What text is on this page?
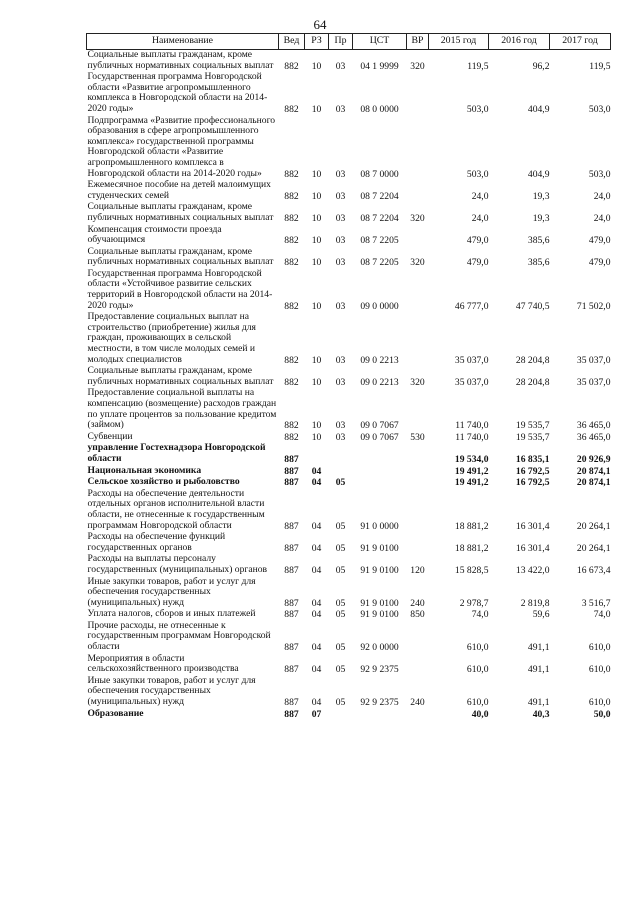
64
Наименование	Вед	РЗ	Пр	ЦСТ	ВР	2015 год	2016 год	2017 год
Социальные выплаты гражданам, кроме публичных нормативных социальных выплат	882	10	03	04 1 9999	320	119,5	96,2	119,5
Государственная программа Новгородской области «Развитие агропромышленного комплекса в Новгородской области на 2014-2020 годы»	882	10	03	08 0 0000		503,0	404,9	503,0
Подпрограмма «Развитие профессионального образования в сфере агропромышленного комплекса» государственной программы Новгородской области «Развитие агропромышленного комплекса в Новгородской области на 2014-2020 годы»	882	10	03	08 7 0000		503,0	404,9	503,0
Ежемесячное пособие на детей малоимущих студенческих семей	882	10	03	08 7 2204		24,0	19,3	24,0
Социальные выплаты гражданам, кроме публичных нормативных социальных выплат	882	10	03	08 7 2204	320	24,0	19,3	24,0
Компенсация стоимости проезда обучающимся	882	10	03	08 7 2205		479,0	385,6	479,0
Социальные выплаты гражданам, кроме публичных нормативных социальных выплат	882	10	03	08 7 2205	320	479,0	385,6	479,0
Государственная программа Новгородской области «Устойчивое развитие сельских территорий в Новгородской области на 2014-2020 годы»	882	10	03	09 0 0000		46 777,0	47 740,5	71 502,0
Предоставление социальных выплат на строительство (приобретение) жилья для граждан, проживающих в сельской местности, в том числе молодых семей и молодых специалистов	882	10	03	09 0 2213		35 037,0	28 204,8	35 037,0
Социальные выплаты гражданам, кроме публичных нормативных социальных выплат	882	10	03	09 0 2213	320	35 037,0	28 204,8	35 037,0
Предоставление социальной выплаты на компенсацию (возмещение) расходов граждан по уплате процентов за пользование кредитом (займом)	882	10	03	09 0 7067		11 740,0	19 535,7	36 465,0
Субвенции	882	10	03	09 0 7067	530	11 740,0	19 535,7	36 465,0
управление Гостехнадзора Новгородской области	887					19 534,0	16 835,1	20 926,9
Национальная экономика	887	04				19 491,2	16 792,5	20 874,1
Сельское хозяйство и рыболовство	887	04	05			19 491,2	16 792,5	20 874,1
Расходы на обеспечение деятельности отдельных органов исполнительной власти области, не отнесенные к государственным программам Новгородской области	887	04	05	91 0 0000		18 881,2	16 301,4	20 264,1
Расходы на обеспечение функций государственных органов	887	04	05	91 9 0100		18 881,2	16 301,4	20 264,1
Расходы на выплаты персоналу государственных (муниципальных) органов	887	04	05	91 9 0100	120	15 828,5	13 422,0	16 673,4
Иные закупки товаров, работ и услуг для обеспечения государственных (муниципальных) нужд	887	04	05	91 9 0100	240	2 978,7	2 819,8	3 516,7
Уплата налогов, сборов и иных платежей	887	04	05	91 9 0100	850	74,0	59,6	74,0
Прочие расходы, не отнесенные к государственным программам Новгородской области	887	04	05	92 0 0000		610,0	491,1	610,0
Мероприятия в области сельскохозяйственного производства	887	04	05	92 9 2375		610,0	491,1	610,0
Иные закупки товаров, работ и услуг для обеспечения государственных (муниципальных) нужд	887	04	05	92 9 2375	240	610,0	491,1	610,0
Образование	887	07				40,0	40,3	50,0
